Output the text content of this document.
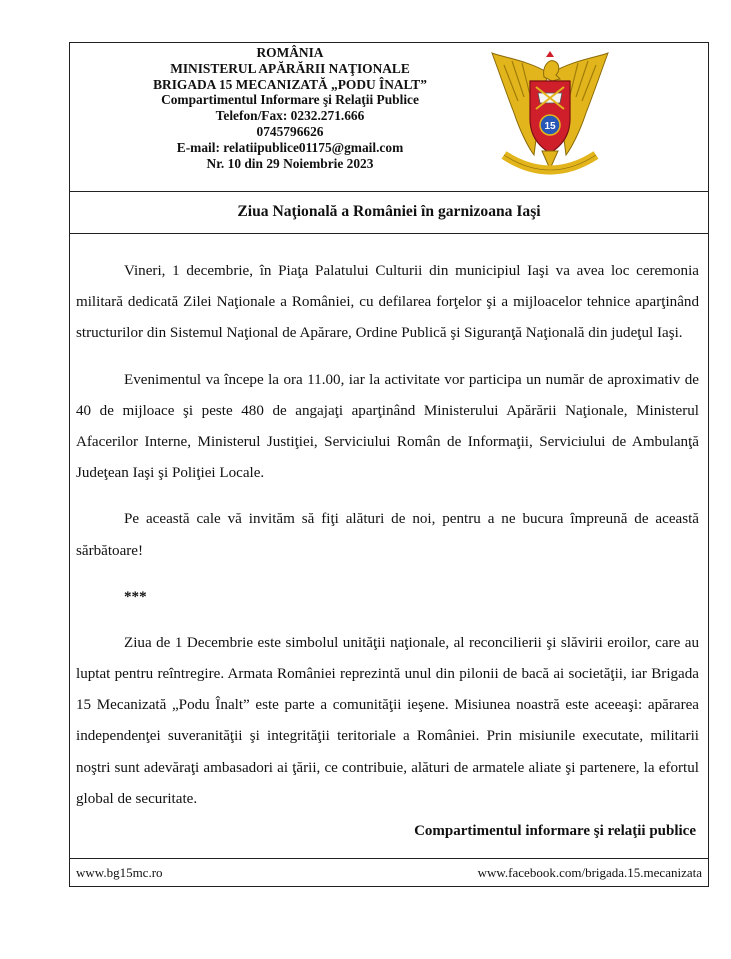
ROMÂNIA
MINISTERUL APĂRĂRII NAŢIONALE
BRIGADA 15 MECANIZATĂ „PODU ÎNALT”
Compartimentul Informare şi Relaţii Publice
Telefon/Fax: 0232.271.666
0745796626
E-mail: relatiipublice01175@gmail.com
Nr. 10 din 29 Noiembrie 2023
15
Ziua Naţională a României în garnizoana Iaşi

Vineri, 1 decembrie, în Piaţa Palatului Culturii din municipiul Iaşi va avea loc ceremonia militară dedicată Zilei Naţionale a României, cu defilarea forţelor şi a mijloacelor tehnice aparţinând structurilor din Sistemul Naţional de Apărare, Ordine Publică şi Siguranţă Naţională din judeţul Iaşi.

Evenimentul va începe la ora 11.00, iar la activitate vor participa un număr de aproximativ de 40 de mijloace şi peste 480 de angajaţi aparţinând Ministerului Apărării Naţionale, Ministerul Afacerilor Interne, Ministerul Justiţiei, Serviciului Român de Informaţii, Serviciului de Ambulanţă Judeţean Iaşi şi Poliţiei Locale.

Pe această cale vă invităm să fiţi alături de noi, pentru a ne bucura împreună de această sărbătoare!

***

Ziua de 1 Decembrie este simbolul unităţii naţionale, al reconcilierii şi slăvirii eroilor, care au luptat pentru reîntregire. Armata României reprezintă unul din pilonii de bacă ai societăţii, iar Brigada 15 Mecanizată „Podu Înalt” este parte a comunităţii ieşene. Misiunea noastră este aceeaşi: apărarea independenţei suveranităţii şi integrităţii teritoriale a României. Prin misiunile executate, militarii noştri sunt adevăraţi ambasadori ai ţării, ce contribuie, alături de armatele aliate şi partenere, la efortul global de securitate.

Compartimentul informare şi relaţii publice
www.bg15mc.ro	www.facebook.com/brigada.15.mecanizata
